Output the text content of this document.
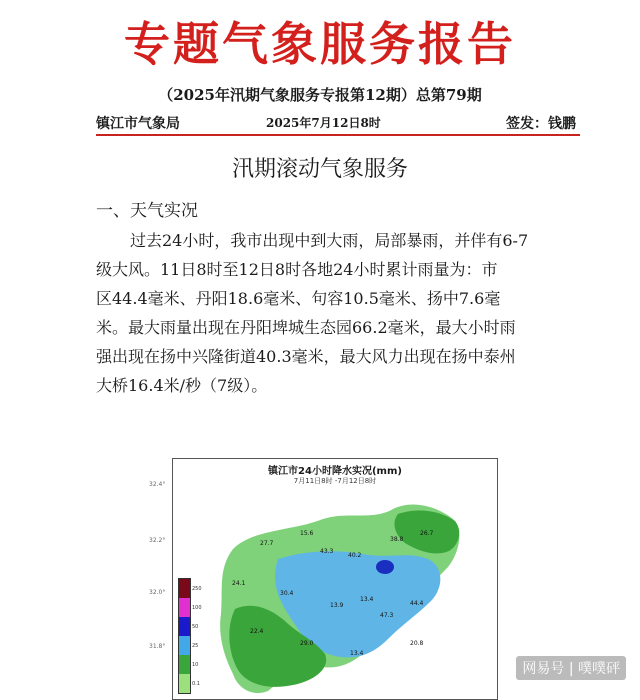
专题气象服务报告
（2025年汛期气象服务专报第12期）总第79期
镇江市气象局	2025年7月12日8时	签发：钱鹏
汛期滚动气象服务
一、天气实况
过去24小时，我市出现中到大雨，局部暴雨，并伴有6-7
级大风。11日8时至12日8时各地24小时累计雨量为：市
区44.4毫米、丹阳18.6毫米、句容10.5毫米、扬中7.6毫
米。最大雨量出现在丹阳埤城生态园66.2毫米，最大小时雨
强出现在扬中兴隆街道40.3毫米，最大风力出现在扬中泰州
大桥16.4米/秒（7级）。
镇江市24小时降水实况(mm)
7月11日8时 -7月12日8时
32.4°
32.2°
32.0°
31.8°
250
100
50
25
10
0.1
27.7
15.6
43.3
40.2
38.8
26.7
24.1
30.4
13.9
13.4
47.3
44.4
22.4
29.0
13.4
20.8
网易号 | 噗噗砰
